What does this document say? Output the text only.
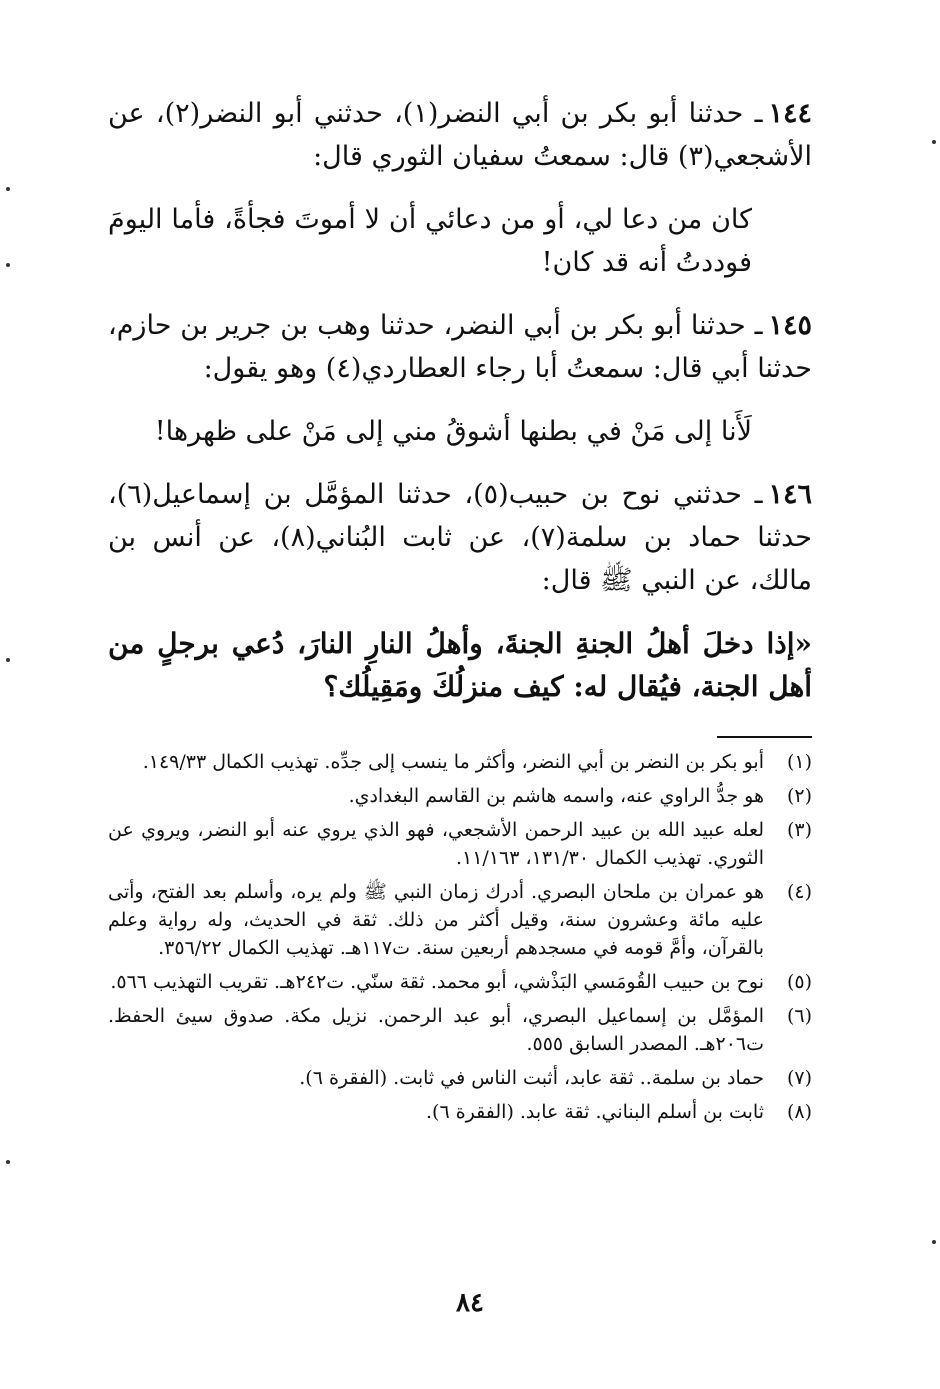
١٤٤ـ حدثنا أبو بكر بن أبي النضر(١)، حدثني أبو النضر(٢)، عن الأشجعي(٣) قال: سمعتُ سفيان الثوري قال:

كان من دعا لي، أو من دعائي أن لا أموتَ فجأةً، فأما اليومَ فوددتُ أنه قد كان!

١٤٥ـ حدثنا أبو بكر بن أبي النضر، حدثنا وهب بن جرير بن حازم، حدثنا أبي قال: سمعتُ أبا رجاء العطاردي(٤) وهو يقول:

لَأَنا إلى مَنْ في بطنها أشوقُ مني إلى مَنْ على ظهرها!

١٤٦ـ حدثني نوح بن حبيب(٥)، حدثنا المؤمَّل بن إسماعيل(٦)، حدثنا حماد بن سلمة(٧)، عن ثابت البُناني(٨)، عن أنس بن مالك، عن النبي ﷺ قال:

«إذا دخلَ أهلُ الجنةِ الجنةَ، وأهلُ النارِ النارَ، دُعي برجلٍ من أهل الجنة، فيُقال له: كيف منزلُكَ ومَقِيلُك؟

(١)
أبو بكر بن النضر بن أبي النضر، وأكثر ما ينسب إلى جدِّه. تهذيب الكمال ١٤٩/٣٣.
(٢)
هو جدُّ الراوي عنه، واسمه هاشم بن القاسم البغدادي.
(٣)
لعله عبيد الله بن عبيد الرحمن الأشجعي، فهو الذي يروي عنه أبو النضر، ويروي عن الثوري. تهذيب الكمال ١٣١/٣٠، ١١/١٦٣.
(٤)
هو عمران بن ملحان البصري. أدرك زمان النبي ﷺ ولم يره، وأسلم بعد الفتح، وأتى عليه مائة وعشرون سنة، وقيل أكثر من ذلك. ثقة في الحديث، وله رواية وعلم بالقرآن، وأمَّ قومه في مسجدهم أربعين سنة. ت١١٧هـ. تهذيب الكمال ٣٥٦/٢٢.
(٥)
نوح بن حبيب القُومَسي البَذْشي، أبو محمد. ثقة سنّي. ت٢٤٢هـ. تقريب التهذيب ٥٦٦.
(٦)
المؤمَّل بن إسماعيل البصري، أبو عبد الرحمن. نزيل مكة. صدوق سيئ الحفظ. ت٢٠٦هـ. المصدر السابق ٥٥٥.
(٧)
حماد بن سلمة.. ثقة عابد، أثبت الناس في ثابت. (الفقرة ٦).
(٨)
ثابت بن أسلم البناني. ثقة عابد. (الفقرة ٦).
٨٤
